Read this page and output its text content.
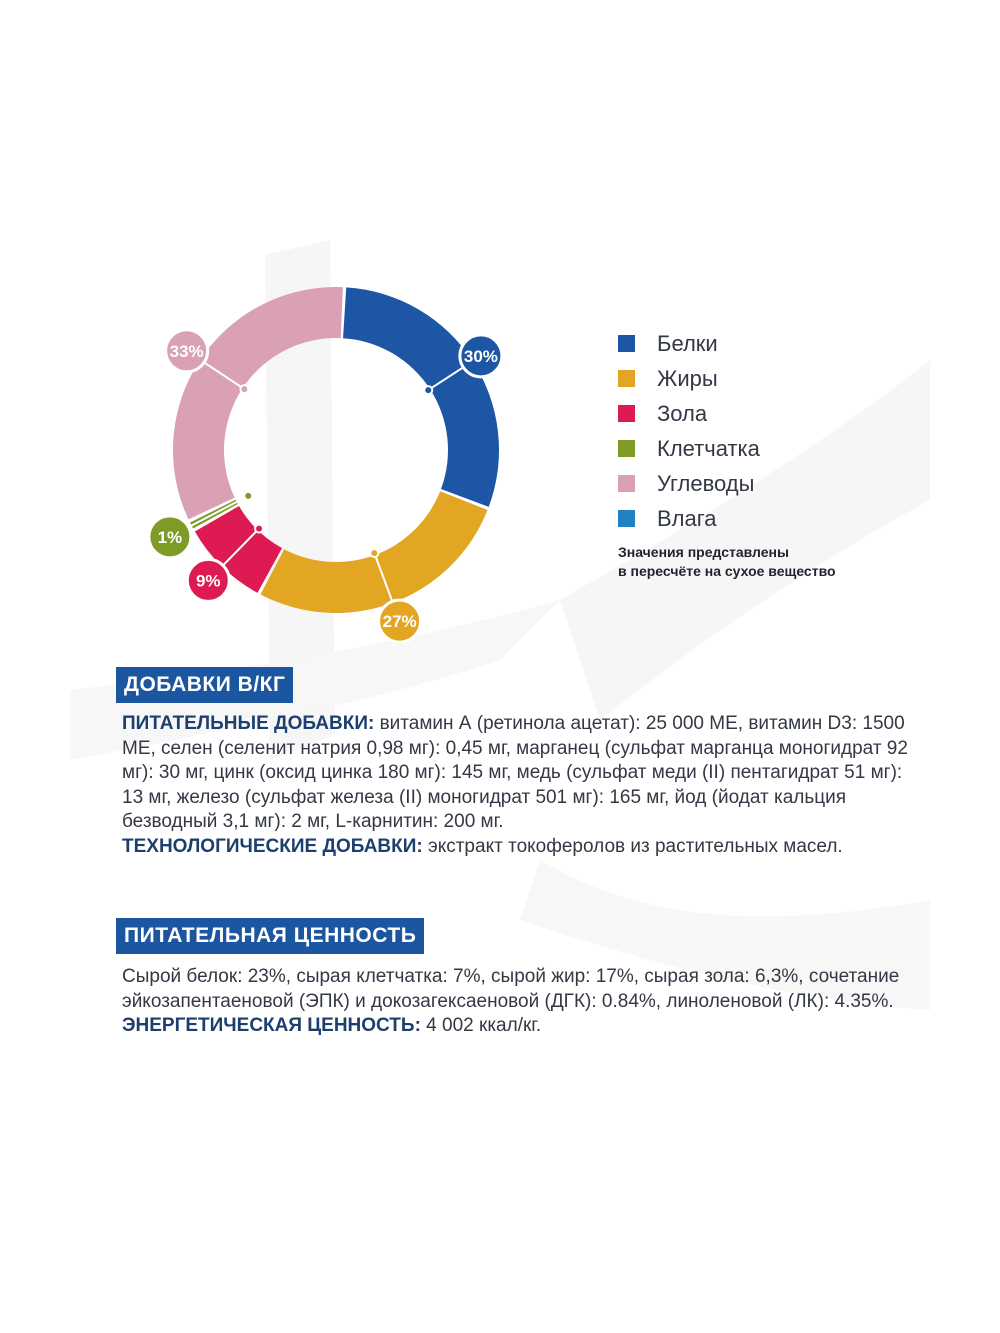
30%
27%
9%
1%
33%	Белки
Жиры
Зола
Клетчатка
Углеводы
Влага
Значения представлены
в пересчёте на сухое вещество
ДОБАВКИ В/КГ
ПИТАТЕЛЬНЫЕ ДОБАВКИ: витамин А (ретинола ацетат): 25 000 МЕ, витамин D3: 1500 МЕ, селен (селенит натрия 0,98 мг): 0,45 мг, марганец (сульфат марганца моногидрат 92 мг): 30 мг, цинк (оксид цинка 180 мг): 145 мг, медь (сульфат меди (II) пентагидрат 51 мг): 13 мг, железо (сульфат железа (II) моногидрат 501 мг): 165 мг, йод (йодат кальция безводный 3,1 мг): 2 мг, L-карнитин: 200 мг.
ТЕХНОЛОГИЧЕСКИЕ ДОБАВКИ: экстракт токоферолов из растительных масел.
ПИТАТЕЛЬНАЯ ЦЕННОСТЬ
Сырой белок: 23%, сырая клетчатка: 7%, сырой жир: 17%, сырая зола: 6,3%, сочетание эйкозапентаеновой (ЭПК) и докозагексаеновой (ДГК): 0.84%, линоленовой (ЛК): 4.35%.
ЭНЕРГЕТИЧЕСКАЯ ЦЕННОСТЬ: 4 002 ккал/кг.
